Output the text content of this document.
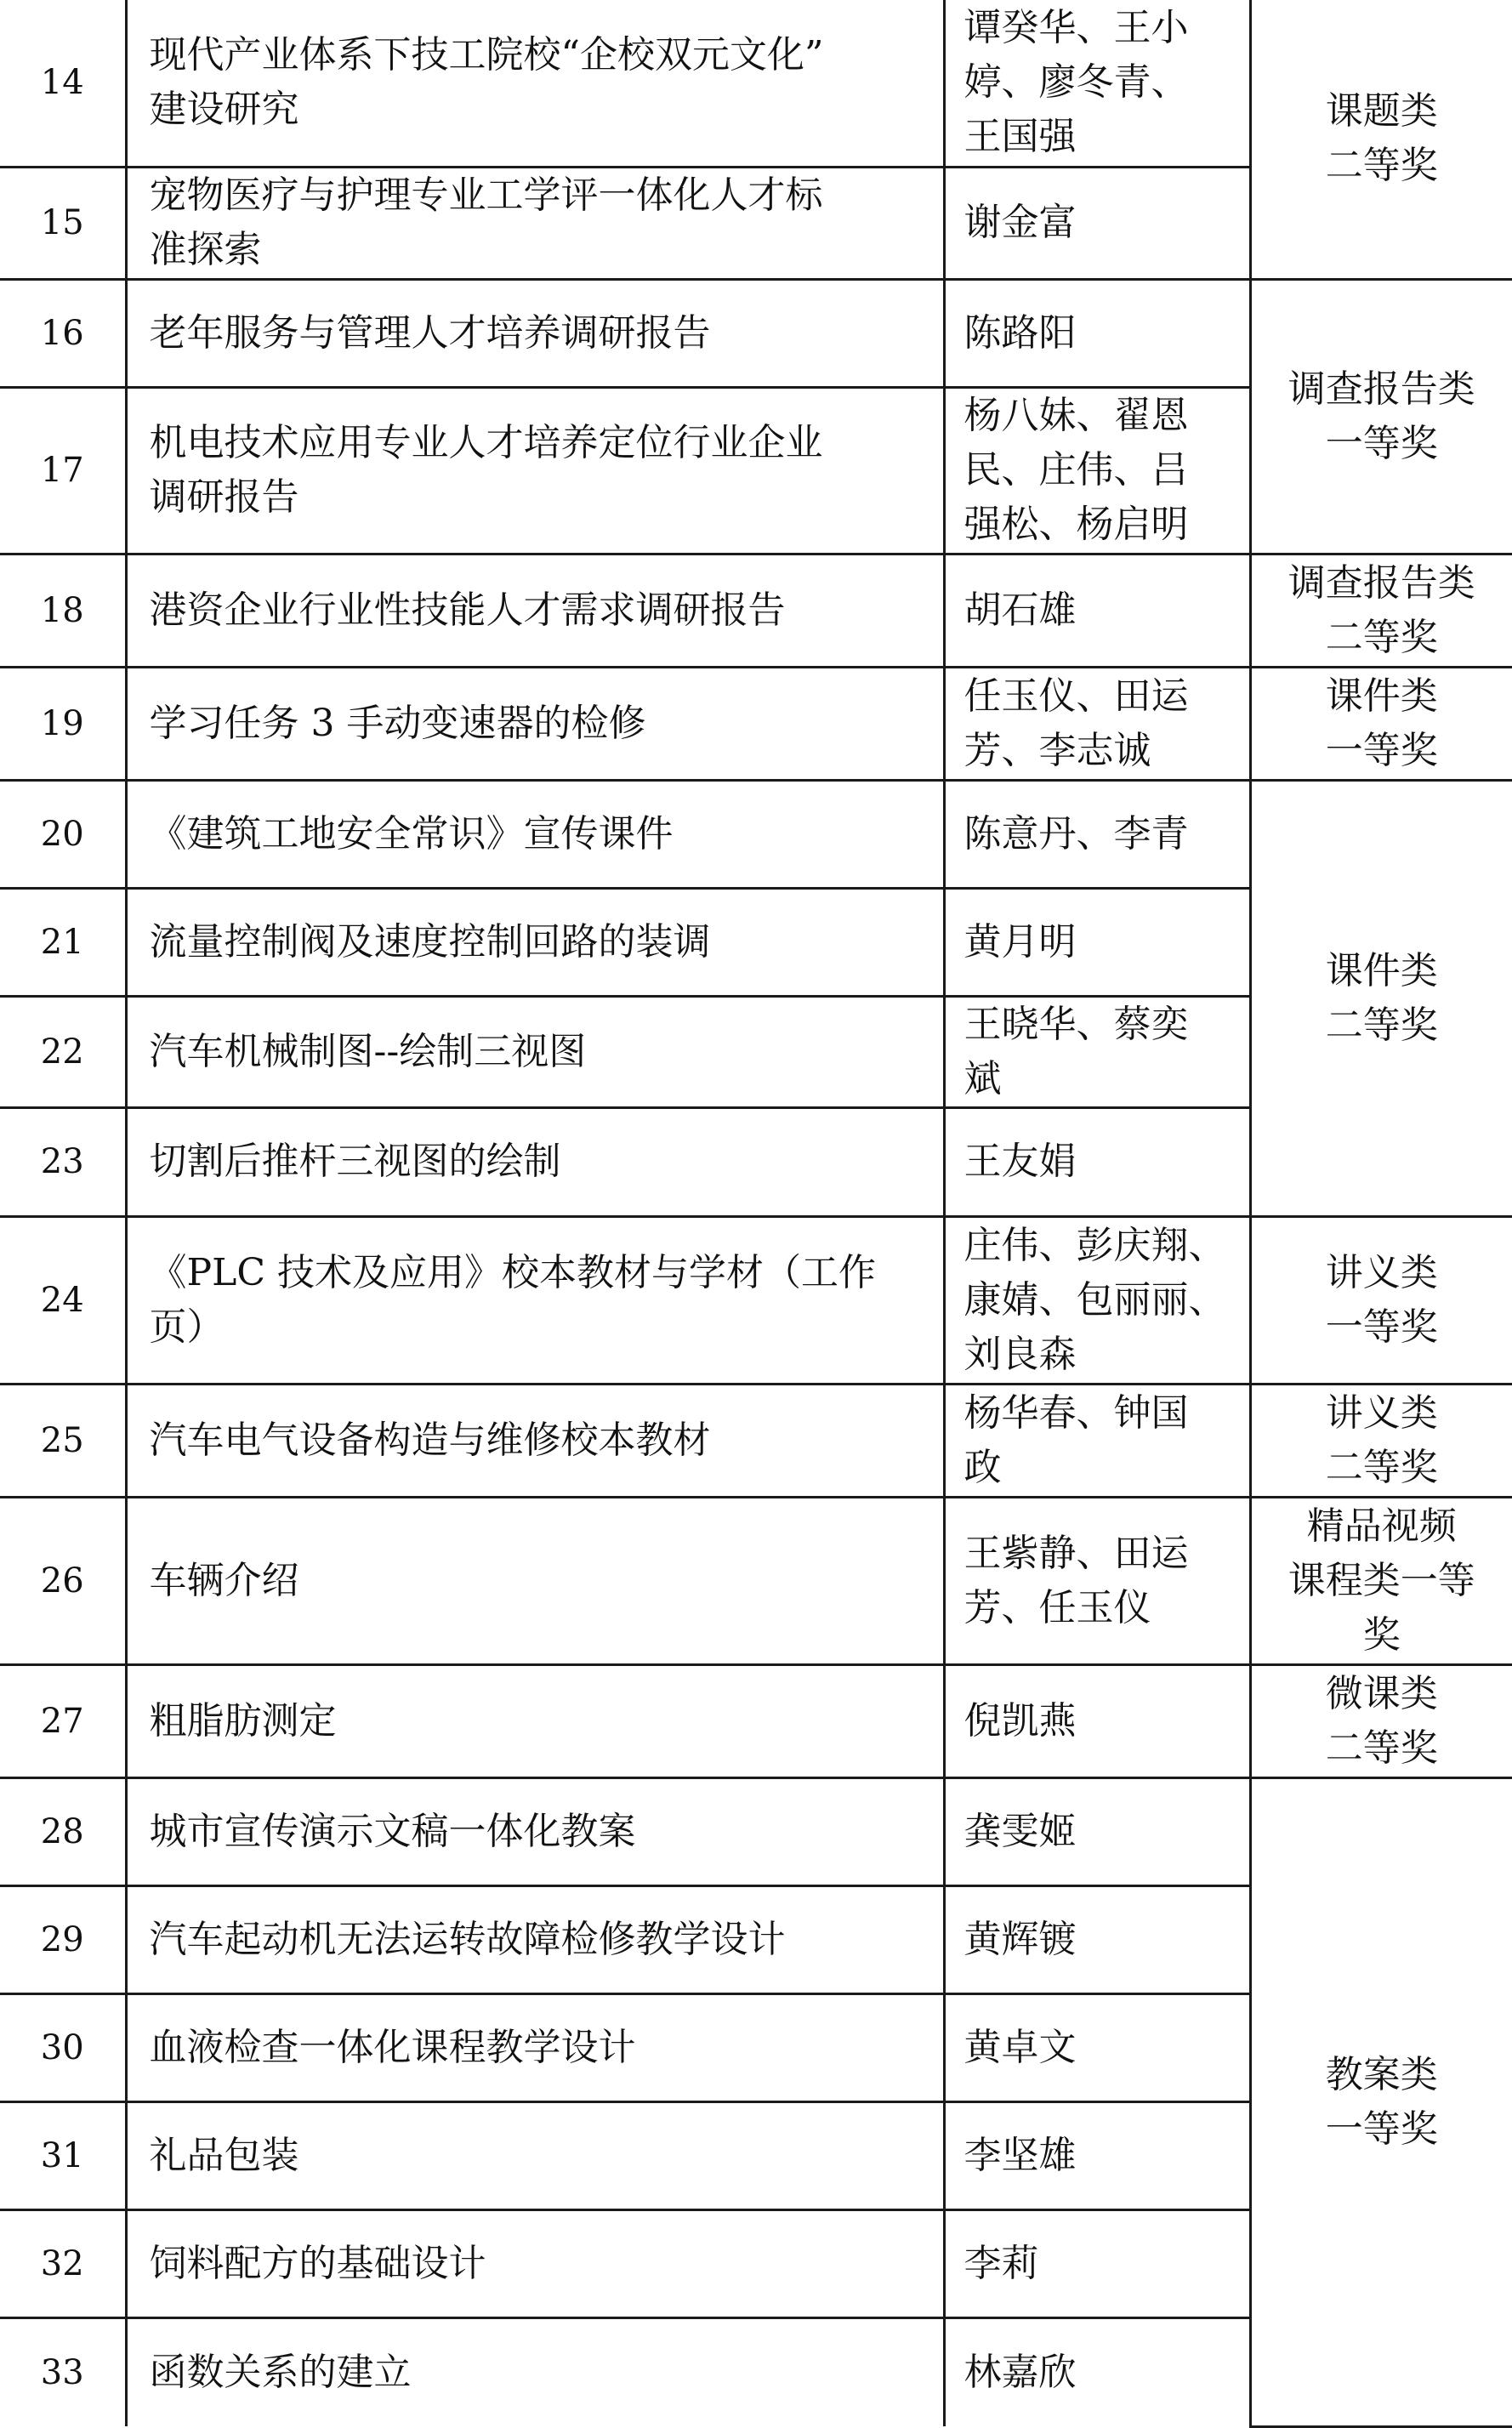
14	现代产业体系下技工院校“企校双元文化”
建设研究	谭癸华、王小
婷、廖冬青、
王国强	课题类
二等奖

15	宠物医疗与护理专业工学评一体化人才标
准探索	谢金富	

16	老年服务与管理人才培养调研报告	陈路阳	调查报告类
一等奖

17	机电技术应用专业人才培养定位行业企业
调研报告	杨八妹、翟恩
民、庄伟、吕
强松、杨启明	

18	港资企业行业性技能人才需求调研报告	胡石雄	调查报告类
二等奖

19	学习任务 3 手动变速器的检修	任玉仪、田运
芳、李志诚	课件类
一等奖

20	《建筑工地安全常识》宣传课件	陈意丹、李青	课件类
二等奖

21	流量控制阀及速度控制回路的装调	黄月明	

22	汽车机械制图--绘制三视图	王晓华、蔡奕
斌	

23	切割后推杆三视图的绘制	王友娟	

24	《PLC 技术及应用》校本教材与学材（工作
页）	庄伟、彭庆翔、
康婧、包丽丽、
刘良森	讲义类
一等奖

25	汽车电气设备构造与维修校本教材	杨华春、钟国
政	讲义类
二等奖

26	车辆介绍	王紫静、田运
芳、任玉仪	精品视频
课程类一等
奖

27	粗脂肪测定	倪凯燕	微课类
二等奖

28	城市宣传演示文稿一体化教案	龚雯姬	教案类
一等奖

29	汽车起动机无法运转故障检修教学设计	黄辉镀	

30	血液检查一体化课程教学设计	黄卓文	

31	礼品包装	李坚雄	

32	饲料配方的基础设计	李莉	

33	函数关系的建立	林嘉欣	
